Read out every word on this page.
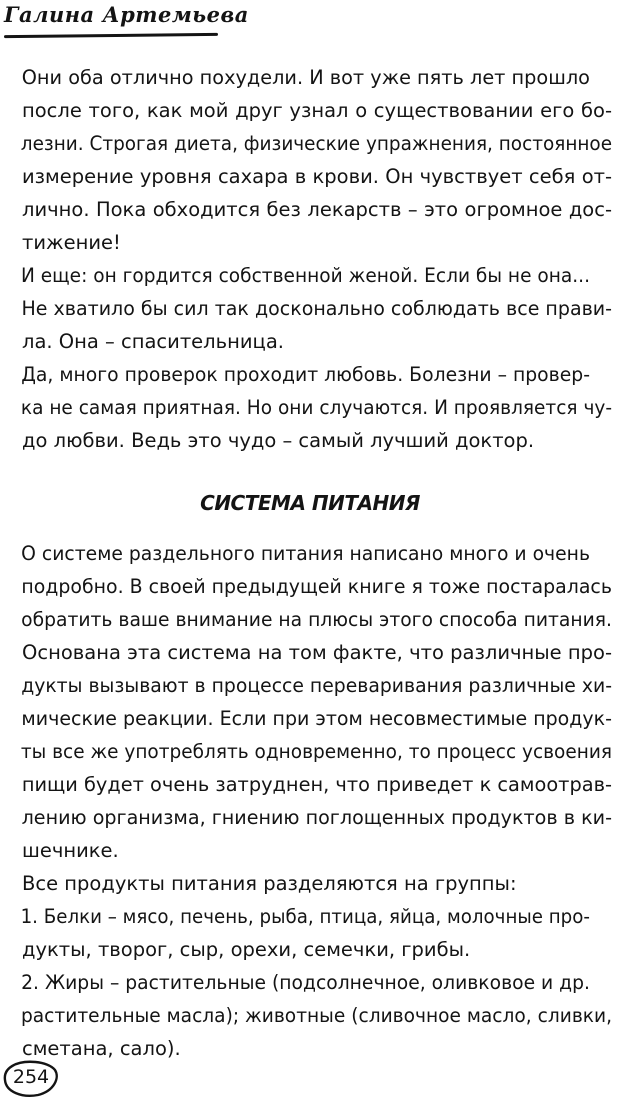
Галина Артемьева

Они оба отлично похудели. И вот уже пять лет прошло
после того, как мой друг узнал о существовании его бо-
лезни. Строгая диета, физические упражнения, постоянное
измерение уровня сахара в крови. Он чувствует себя от-
лично. Пока обходится без лекарств – это огромное дос-
тижение!

И еще: он гордится собственной женой. Если бы не она...
Не хватило бы сил так досконально соблюдать все прави-
ла. Она – спасительница.

Да, много проверок проходит любовь. Болезни – провер-
ка не самая приятная. Но они случаются. И проявляется чу-
до любви. Ведь это чудо – самый лучший доктор.

СИСТЕМА ПИТАНИЯ

О системе раздельного питания написано много и очень
подробно. В своей предыдущей книге я тоже постаралась
обратить ваше внимание на плюсы этого способа питания.
Основана эта система на том факте, что различные про-
дукты вызывают в процессе переваривания различные хи-
мические реакции. Если при этом несовместимые продук-
ты все же употреблять одновременно, то процесс усвоения
пищи будет очень затруднен, что приведет к самоотрав-
лению организма, гниению поглощенных продуктов в ки-
шечнике.

Все продукты питания разделяются на группы:

1. Белки – мясо, печень, рыба, птица, яйца, молочные про-
дукты, творог, сыр, орехи, семечки, грибы.

2. Жиры – растительные (подсолнечное, оливковое и др.
растительные масла); животные (сливочное масло, сливки,
сметана, сало).

254
